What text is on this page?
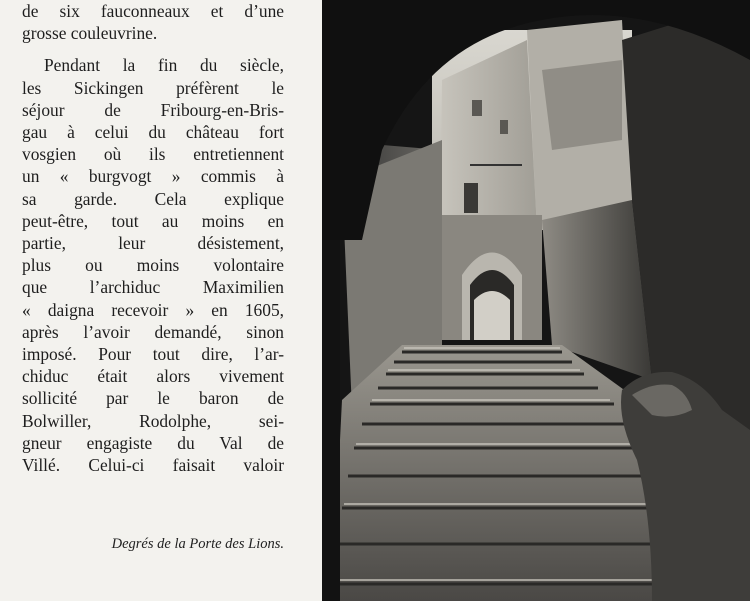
de six fauconneaux et d’une
grosse couleuvrine.
Pendant la fin du siècle,
les Sickingen préfèrent le
séjour de Fribourg-en-Bris-
gau à celui du château fort
vosgien où ils entretiennent
un « burgvogt » commis à
sa garde. Cela explique
peut-être, tout au moins en
partie, leur désistement,
plus ou moins volontaire
que l’archiduc Maximilien
« daigna recevoir » en 1605,
après l’avoir demandé, sinon
imposé. Pour tout dire, l’ar-
chiduc était alors vivement
sollicité par le baron de
Bolwiller, Rodolphe, sei-
gneur engagiste du Val de
Villé. Celui-ci faisait valoir
Degrés de la Porte des Lions.
